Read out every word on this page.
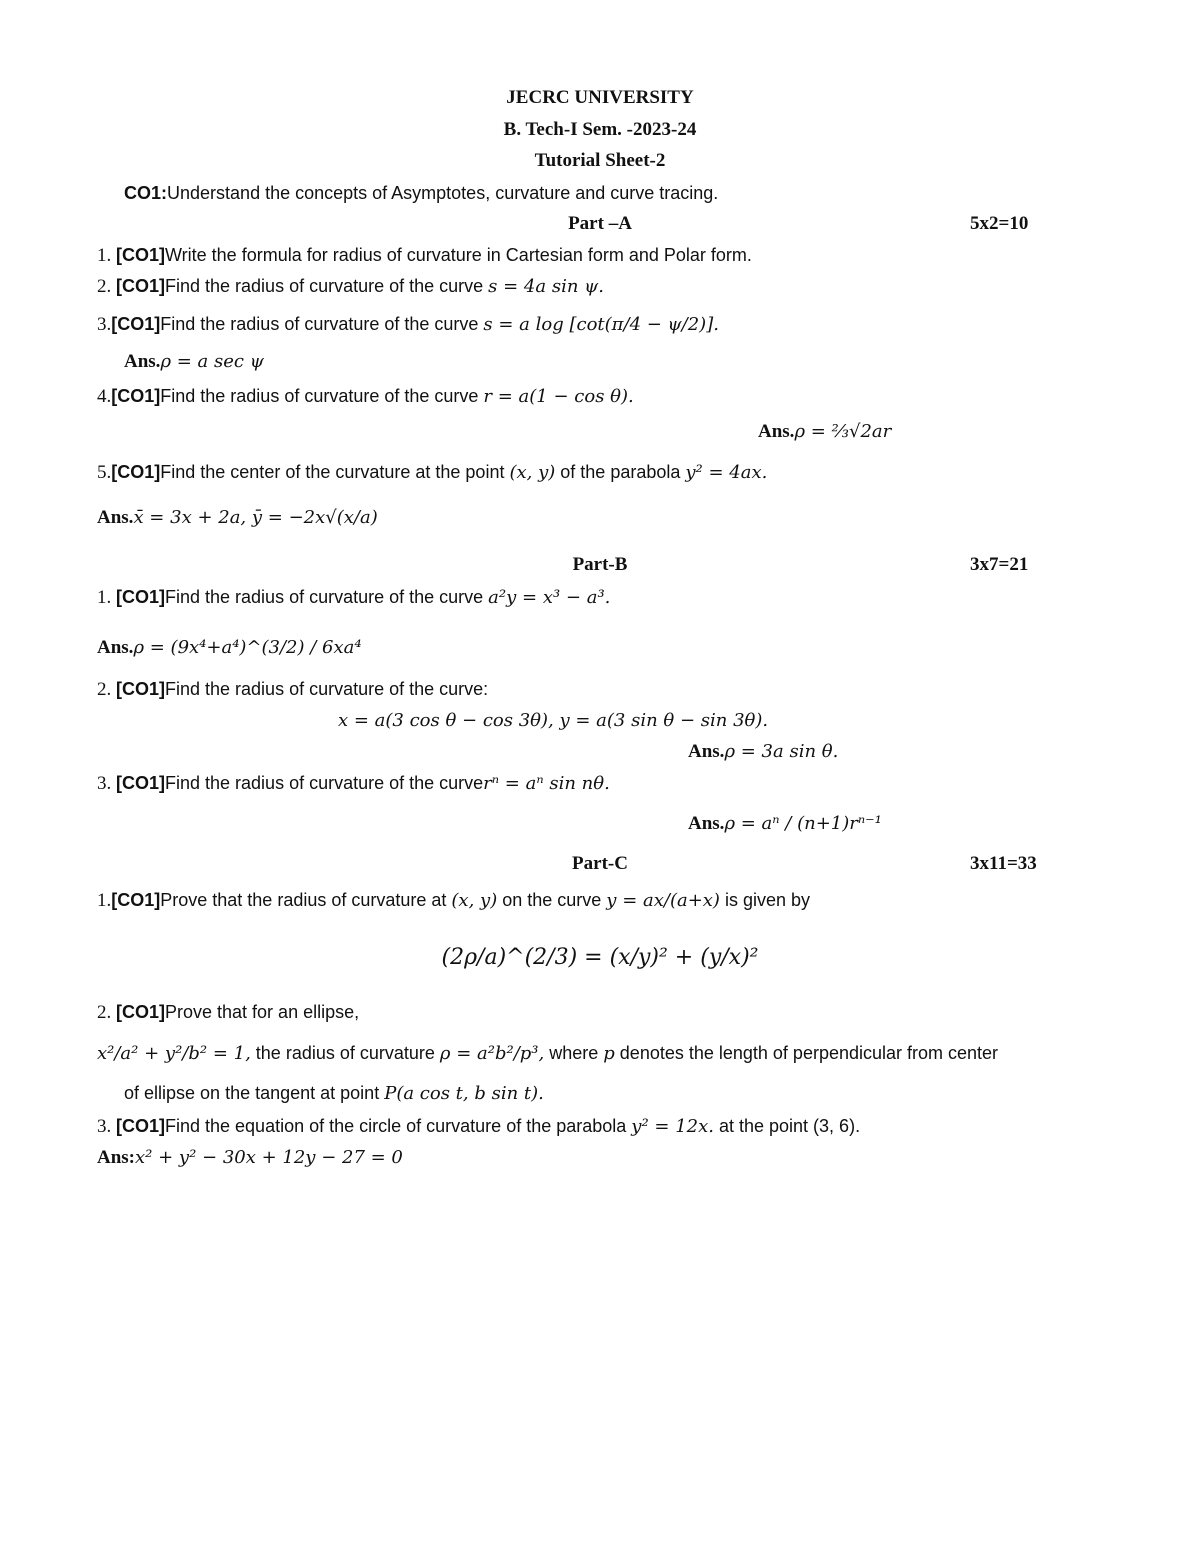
JECRC UNIVERSITY
B. Tech-I Sem. -2023-24
Tutorial Sheet-2
CO1:Understand the concepts of Asymptotes, curvature and curve tracing.
Part –A	5x2=10
1. [CO1]Write the formula for radius of curvature in Cartesian form and Polar form.
2. [CO1]Find the radius of curvature of the curve s = 4a sin ψ.
3.[CO1]Find the radius of curvature of the curve s = a log [cot(π/4 − ψ/2)].
Ans.ρ = a sec ψ
4.[CO1]Find the radius of curvature of the curve r = a(1 − cos θ).
Ans.ρ = ⅔√2ar
5.[CO1]Find the center of the curvature at the point (x, y) of the parabola y² = 4ax.
Ans.x̄ = 3x + 2a, ȳ = −2x√(x/a)
Part-B	3x7=21
1. [CO1]Find the radius of curvature of the curve a²y = x³ − a³.
Ans.ρ = (9x⁴+a⁴)^(3/2) / 6xa⁴
2. [CO1]Find the radius of curvature of the curve:
x = a(3 cos θ − cos 3θ), y = a(3 sin θ − sin 3θ).
Ans.ρ = 3a sin θ.
3. [CO1]Find the radius of curvature of the curverⁿ = aⁿ sin nθ.
Ans.ρ = aⁿ / (n+1)rⁿ⁻¹
Part-C	3x11=33
1.[CO1]Prove that the radius of curvature at (x, y) on the curve y = ax/(a+x) is given by
(2ρ/a)^(2/3) = (x/y)² + (y/x)²
2. [CO1]Prove that for an ellipse,
x²/a² + y²/b² = 1, the radius of curvature ρ = a²b²/p³, where p denotes the length of perpendicular from center
of ellipse on the tangent at point P(a cos t, b sin t).
3. [CO1]Find the equation of the circle of curvature of the parabola y² = 12x. at the point (3, 6).
Ans:x² + y² − 30x + 12y − 27 = 0
